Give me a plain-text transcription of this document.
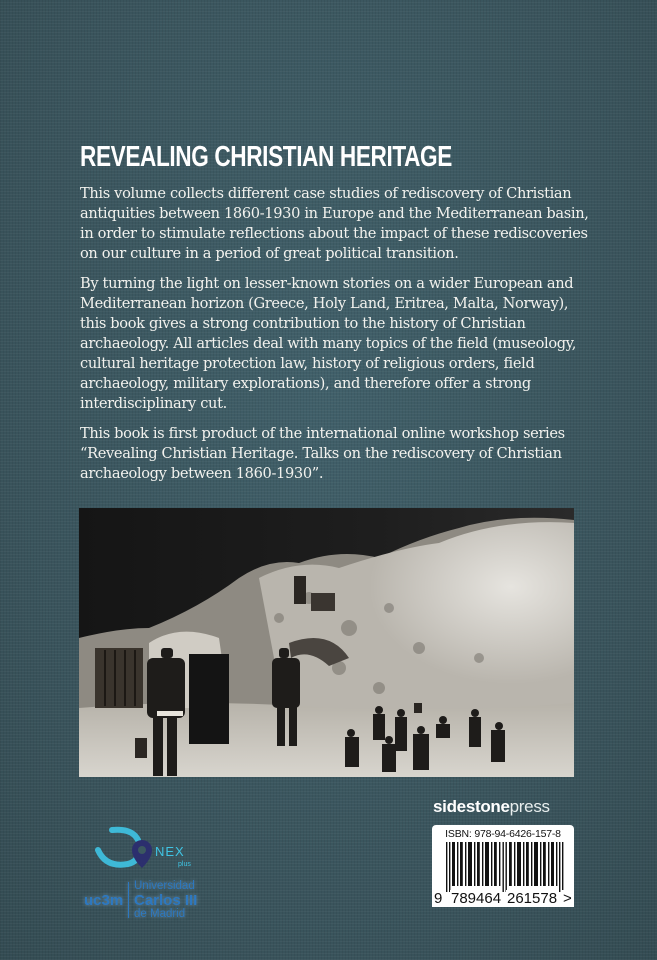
REVEALING CHRISTIAN HERITAGE

This volume collects different case studies of rediscovery of Christian antiquities between 1860-1930 in Europe and the Mediterranean basin, in order to stimulate reflections about the impact of these rediscoveries on our culture in a period of great political transition.

By turning the light on lesser-known stories on a wider European and Mediterranean horizon (Greece, Holy Land, Eritrea, Malta, Norway), this book gives a strong contribution to the history of Christian archaeology. All articles deal with many topics of the field (museology, cultural heritage protection law, history of religious orders, field archaeology, military explorations), and therefore offer a strong interdisciplinary cut.

This book is first product of the international online workshop series “Revealing Christian Heritage. Talks on the rediscovery of Christian archaeology between 1860-1930”.

sidestonepress
ISBN: 978-94-6426-157-8
9 789464 261578 >
NEX
plus
uc3m
Universidad
Carlos III
de Madrid
